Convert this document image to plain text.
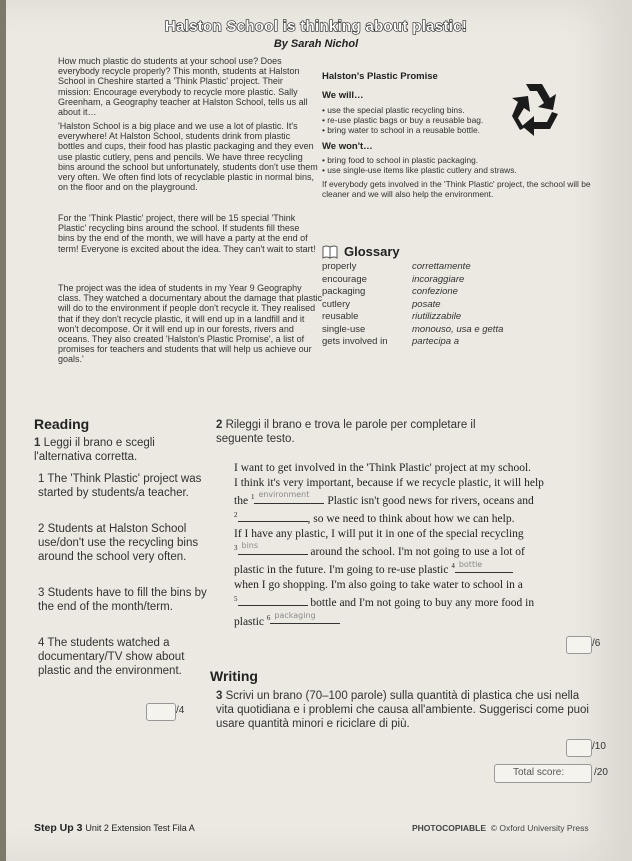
Halston School is thinking about plastic!
By Sarah Nichol
How much plastic do students at your school use? Does everybody recycle properly? This month, students at Halston School in Cheshire started a 'Think Plastic' project. Their mission: Encourage everybody to recycle more plastic. Sally Greenham, a Geography teacher at Halston School, tells us all about it…
'Halston School is a big place and we use a lot of plastic. It's everywhere! At Halston School, students drink from plastic bottles and cups, their food has plastic packaging and they even use plastic cutlery, pens and pencils. We have three recycling bins around the school but unfortunately, students don't use them very often. We often find lots of recyclable plastic in normal bins, on the floor and on the playground.
For the 'Think Plastic' project, there will be 15 special 'Think Plastic' recycling bins around the school. If students fill these bins by the end of the month, we will have a party at the end of term! Everyone is excited about the idea. They can't wait to start!
The project was the idea of students in my Year 9 Geography class. They watched a documentary about the damage that plastic will do to the environment if people don't recycle it. They realised that if they don't recycle plastic, it will end up in a landfill and it won't decompose. Or it will end up in our forests, rivers and oceans. They also created 'Halston's Plastic Promise', a list of promises for teachers and students that will help us achieve our goals.'
Halston's Plastic Promise
We will…
• use the special plastic recycling bins.
• re-use plastic bags or buy a reusable bag.
• bring water to school in a reusable bottle.
We won't…
• bring food to school in plastic packaging.
• use single-use items like plastic cutlery and straws.
If everybody gets involved in the 'Think Plastic' project, the school will be cleaner and we will also help the environment.
Glossary
properly	correttamente
encourage	incoraggiare
packaging	confezione
cutlery	posate
reusable	riutilizzabile
single-use	monouso, usa e getta
gets involved in	partecipa a
Reading
1 Leggi il brano e scegli l'alternativa corretta.
1 The 'Think Plastic' project was started by students/a teacher.
2 Students at Halston School use/don't use the recycling bins around the school very often.
3 Students have to fill the bins by the end of the month/term.
4 The students watched a documentary/TV show about plastic and the environment.
/4
2 Rileggi il brano e trova le parole per completare il seguente testo.
I want to get involved in the 'Think Plastic' project at my school.
I think it's very important, because if we recycle plastic, it will help
the $^1$ environment Plastic isn't good news for rivers, oceans and
$^2$	, so we need to think about how we can help.
If I have any plastic, I will put it in one of the special recycling
$^3$ bins	around the school. I'm not going to use a lot of
plastic in the future. I'm going to re-use plastic $^4$ bottle
when I go shopping. I'm also going to take water to school in a
$^5$	bottle and I'm not going to buy any more food in
plastic $^6$ packaging
/6
Writing
3 Scrivi un brano (70–100 parole) sulla quantità di plastica che usi nella vita quotidiana e i problemi che causa all'ambiente. Suggerisci come puoi usare quantità minori e riciclare di più.
/10
Total score:	/20
Step Up 3 Unit 2 Extension Test Fila A	PHOTOCOPIABLE © Oxford University Press
